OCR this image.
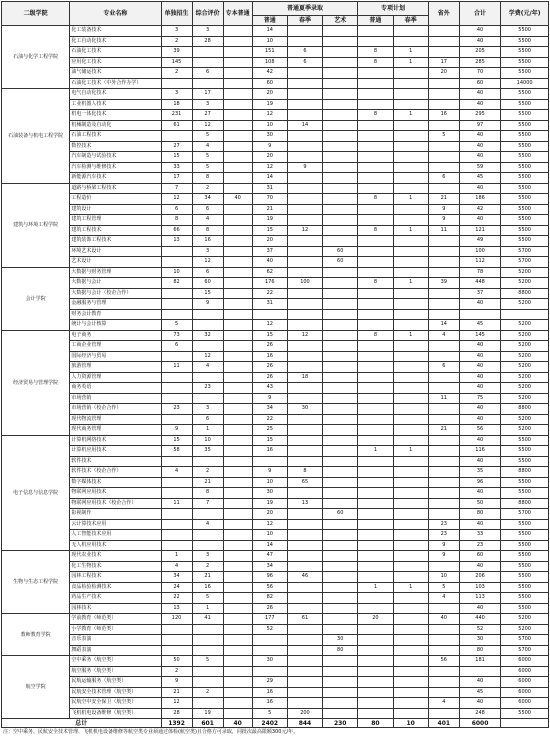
二级学院	专业名称	单独招生	综合评价	专本普通	普通夏季录取			专项计划		省外	合计	学费(元/年)
					普通	春季	艺术	普通	春季			
石油与化学工程学院	化工装备技术	3	3		14						40	5500
	化工自动化技术	2	28		10						40	5500
	石油化工技术	39			151	6		8	1		205	5500
	应用化工技术	145			108	6		8	1	17	285	5500
	油气储运技术	2	6		42					20	70	5500
	石油化工技术（中外合作办学）				60						60	14000
石油装备与机电工程学院	电气自动化技术	3	17		20						40	5500
	工业机器人技术	18	3		19						40	5500
	机电一体化技术	231	27		12			8	1	16	295	5500
	机械制造及自动化	61	12		10	14					97	5500
	石油工程技术		5		30					5	40	5500
	数控技术	27	4		9						40	5500
	汽车制造与试验技术	15	5		20						40	5500
	汽车检测与维修技术	33	5		12	9					59	5500
	新能源汽车技术	17	8		14					6	45	5500
建筑与环境工程学院	道路与桥梁工程技术	7	2		31						40	5500
	工程造价	12	34	40	70			8	1	21	186	5500
	建筑设计	6	6		21					9	42	5500
	建筑工程管理	8	4		19					9	40	5500
	建筑工程技术	66	8		15	12		8	1	11	121	5500
	建筑装饰工程技术	13	16		20						49	5500
	环境艺术设计		3		37		60				100	5700
	艺术设计		12		40		60				112	5700
会计学院	大数据与财务管理	10	6		62						78	5200
	大数据与会计	82	60		176	100		8	1	39	448	5200
	大数据与会计（校企合作）		15		22						37	8800
	金融服务与管理		9		31						40	5200
	财务会计教育											
	统计与会计核算	5			12					14	45	5200
经济贸易与管理学院	电子商务	73	32		15	12		8	1	4	145	5200
	工商企业管理	6			26						40	5200
	国际经济与贸易		12		16						40	5200
	旅游管理	11	4		26					6	40	5200
	人力资源管理				26	18					40	5200
	商务英语		23		43						40	5200
	市场营销				9					11	75	5200
	市场营销（校企合作）	23	3		34	30					40	8800
	现代物流管理		6		22						40	5200
	现代商务管理	9	1		25					21	56	5200
电子信息与信息学院	计算机网络技术	15	10		15						40	5500
	计算机应用技术	58	35		16			1	1		116	5500
	软件技术										40	5500
	软件技术（校企合作）	4	2		9	8					35	8800
	数字媒体技术		21		10	65					96	5500
	物联网应用技术		8		30						40	5500
	物联网应用技术（校企合作）	11	7		19	13					50	8800
	影视制作				20		60				80	5700
	云计算技术应用		4		12					23	40	5500
	人工智能技术应用				10					23	33	5500
	无人机应用技术				14					9	23	5500
生物与生态工程学院	现代农业技术	1	3		47					9	60	5500
	化工生物技术	4	2		34						40	5500
	园林工程技术	34	21		96	46				10	206	5500
	食品检验检测技术	24	16		56			1	1	5	103	5500
	药品生产技术	22	5		82					4	113	5500
	园林技术	13	1		26						40	5500
教师教育学院	学前教育（师范类）	120	41		177	61		20		40	440	5200
	小学教育（师范类）				52						52	5200
	音乐表演						30				30	5700
	舞蹈表演						80				80	5700
航空学院	空中乘务（航空类）	50	5		30					56	181	6000
	航空服务（航空类）	2										6000
	民航运输服务（航空类）	9			29						40	6000
	民航安全技术管理（航空类）	21	2		16						45	6000
	民航空中安全保卫（航空类）	12			16					4	40	6000
	飞机机电设备维修（航空类）	28	19		5	200					248	5500
总计		1392	601	40	2402	844	230	80	10	401	6000	
注：空中乘务、民航安全技术管理、飞机机电设备维修等航空类专业须通过体检(航空类)且合格方可录取，同批次最高限额300元/年。
